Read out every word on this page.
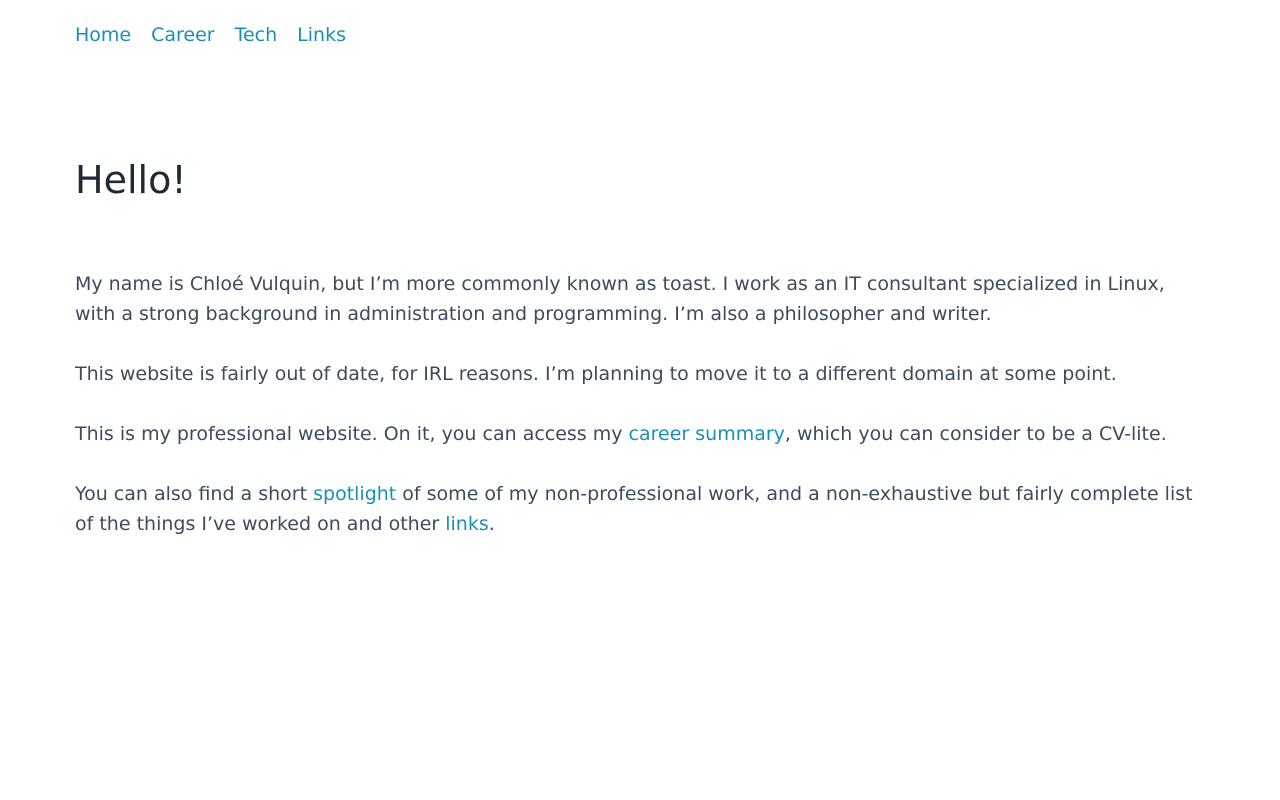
Home Career Tech Links
Hello!

My name is Chloé Vulquin, but I’m more commonly known as toast. I work as an IT consultant specialized in Linux, with a strong background in administration and programming. I’m also a philosopher and writer.

This website is fairly out of date, for IRL reasons. I’m planning to move it to a different domain at some point.

This is my professional website. On it, you can access my career summary, which you can consider to be a CV-lite.

You can also find a short spotlight of some of my non-professional work, and a non-exhaustive but fairly complete list of the things I’ve worked on and other links.
